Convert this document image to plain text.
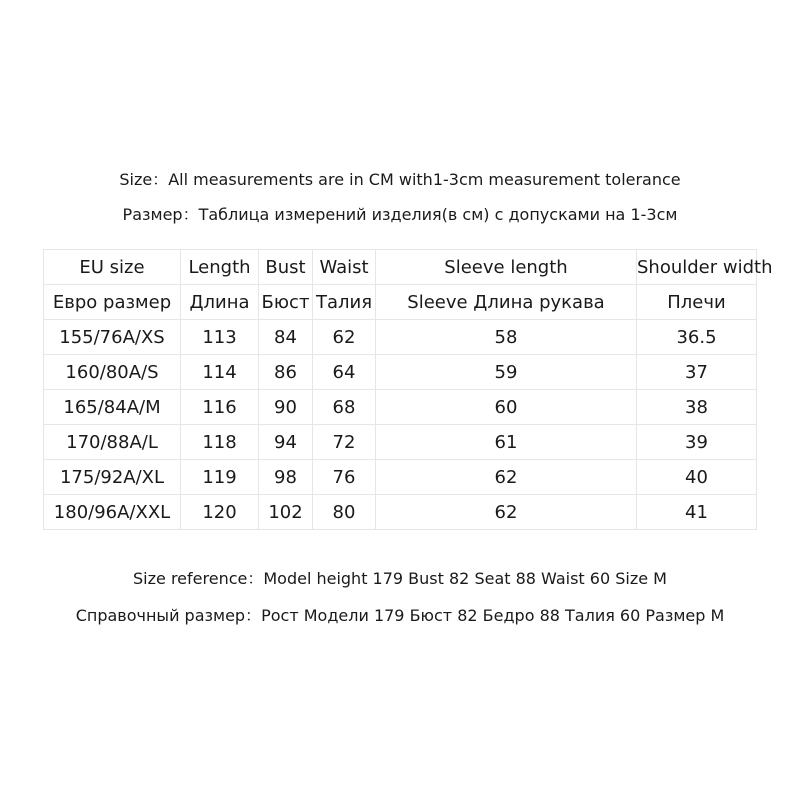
Size：All measurements are in CM with1-3cm measurement tolerance
Размер：Таблица измерений изделия(в см) с допусками на 1-3см
EU size	Length	Bust	Waist	Sleeve length	Shoulder width
Евро размер	Длина	Бюст	Талия	Sleeve Длина рукава	Плечи
155/76A/XS	113	84	62	58	36.5
160/80A/S	114	86	64	59	37
165/84A/M	116	90	68	60	38
170/88A/L	118	94	72	61	39
175/92A/XL	119	98	76	62	40
180/96A/XXL	120	102	80	62	41
Size reference：Model height 179 Bust 82 Seat 88 Waist 60 Size M
Справочный размер：Рост Модели 179 Бюст 82 Бедро 88 Талия 60 Размер M
